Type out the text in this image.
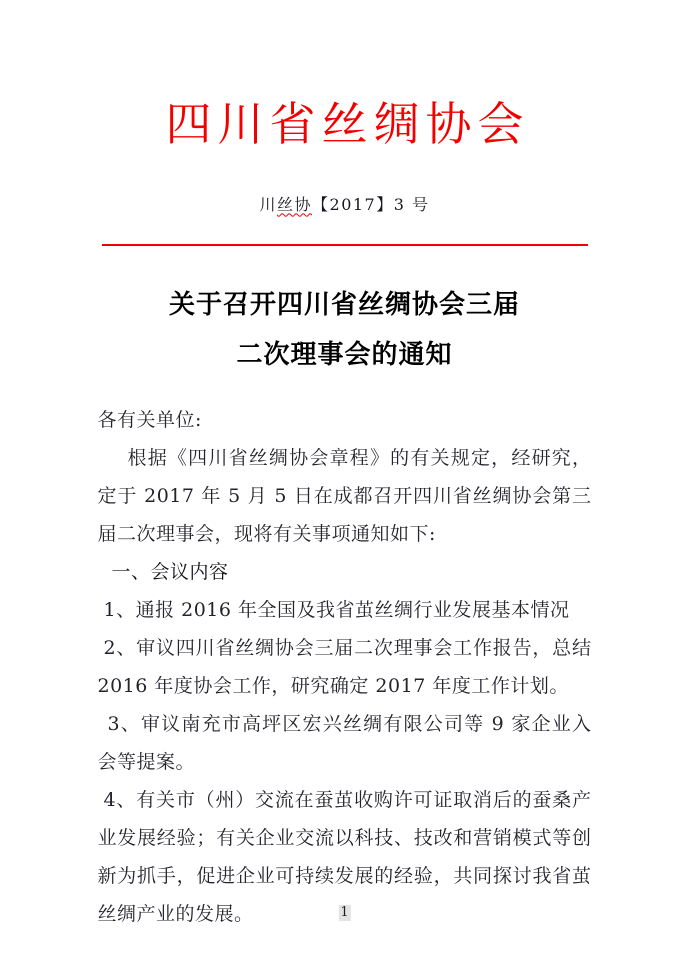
四川省丝绸协会
川丝协【2017】3 号
关于召开四川省丝绸协会三届
二次理事会的通知

各有关单位:

根据《四川省丝绸协会章程》的有关规定，经研究，定于 2017 年 5 月 5 日在成都召开四川省丝绸协会第三届二次理事会，现将有关事项通知如下:

一、会议内容

1、通报 2016 年全国及我省茧丝绸行业发展基本情况

2、审议四川省丝绸协会三届二次理事会工作报告，总结 2016 年度协会工作，研究确定 2017 年度工作计划。

3、审议南充市高坪区宏兴丝绸有限公司等 9 家企业入会等提案。

4、有关市（州）交流在蚕茧收购许可证取消后的蚕桑产业发展经验；有关企业交流以科技、技改和营销模式等创新为抓手，促进企业可持续发展的经验，共同探讨我省茧丝绸产业的发展。	1
